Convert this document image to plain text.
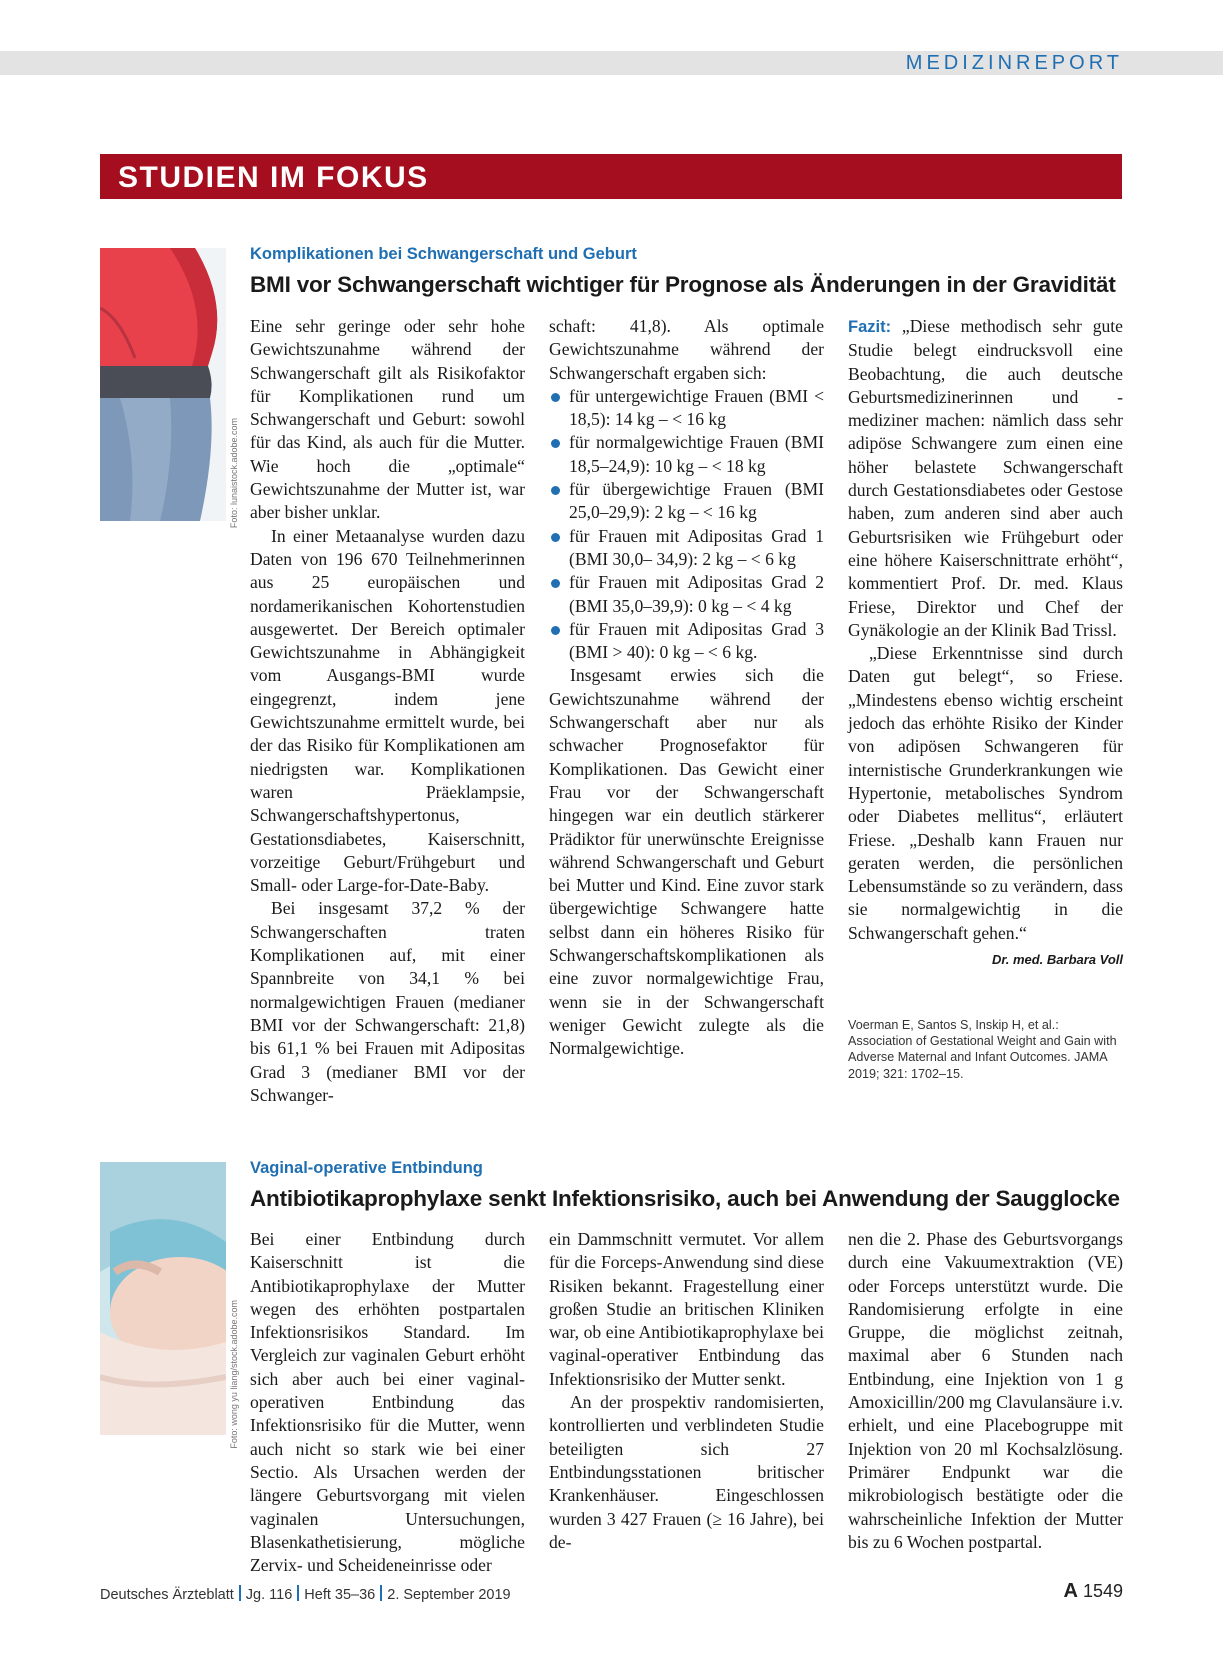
MEDIZINREPORT
STUDIEN IM FOKUS
Foto: lunaistock.adobe.com
Komplikationen bei Schwangerschaft und Geburt
BMI vor Schwangerschaft wichtiger für Prognose als Änderungen in der Gravidität

Eine sehr geringe oder sehr hohe Gewichtszunahme während der Schwangerschaft gilt als Risikofaktor für Komplikationen rund um Schwangerschaft und Geburt: sowohl für das Kind, als auch für die Mutter. Wie hoch die „optimale“ Gewichtszunahme der Mutter ist, war aber bisher unklar.

In einer Metaanalyse wurden dazu Daten von 196 670 Teilnehmerinnen aus 25 europäischen und nordamerikanischen Kohortenstudien ausgewertet. Der Bereich optimaler Gewichtszunahme in Abhängigkeit vom Ausgangs-BMI wurde eingegrenzt, indem jene Gewichtszunahme ermittelt wurde, bei der das Risiko für Komplikationen am niedrigsten war. Komplikationen waren Präeklampsie, Schwangerschaftshypertonus, Gestationsdiabetes, Kaiserschnitt, vorzeitige Geburt/Frühgeburt und Small- oder Large-for-Date-Baby.

Bei insgesamt 37,2 % der Schwangerschaften traten Komplikationen auf, mit einer Spannbreite von 34,1 % bei normalgewichtigen Frauen (medianer BMI vor der Schwangerschaft: 21,8) bis 61,1 % bei Frauen mit Adipositas Grad 3 (medianer BMI vor der Schwanger-

schaft: 41,8). Als optimale Gewichtszunahme während der Schwangerschaft ergaben sich:

für untergewichtige Frauen (BMI < 18,5): 14 kg – < 16 kg
für normalgewichtige Frauen (BMI 18,5–24,9): 10 kg – < 18 kg
für übergewichtige Frauen (BMI 25,0–29,9): 2 kg – < 16 kg
für Frauen mit Adipositas Grad 1 (BMI 30,0– 34,9): 2 kg – < 6 kg
für Frauen mit Adipositas Grad 2 (BMI 35,0–39,9): 0 kg – < 4 kg
für Frauen mit Adipositas Grad 3 (BMI > 40): 0 kg – < 6 kg.

Insgesamt erwies sich die Gewichtszunahme während der Schwangerschaft aber nur als schwacher Prognosefaktor für Komplikationen. Das Gewicht einer Frau vor der Schwangerschaft hingegen war ein deutlich stärkerer Prädiktor für unerwünschte Ereignisse während Schwangerschaft und Geburt bei Mutter und Kind. Eine zuvor stark übergewichtige Schwangere hatte selbst dann ein höheres Risiko für Schwangerschaftskomplikationen als eine zuvor normalgewichtige Frau, wenn sie in der Schwangerschaft weniger Gewicht zulegte als die Normalgewichtige.

Fazit: „Diese methodisch sehr gute Studie belegt eindrucksvoll eine Beobachtung, die auch deutsche Geburtsmedizinerinnen und -mediziner machen: nämlich dass sehr adipöse Schwangere zum einen eine höher belastete Schwangerschaft durch Gestationsdiabetes oder Gestose haben, zum anderen sind aber auch Geburtsrisiken wie Frühgeburt oder eine höhere Kaiserschnittrate erhöht“, kommentiert Prof. Dr. med. Klaus Friese, Direktor und Chef der Gynäkologie an der Klinik Bad Trissl.

„Diese Erkenntnisse sind durch Daten gut belegt“, so Friese. „Mindestens ebenso wichtig erscheint jedoch das erhöhte Risiko der Kinder von adipösen Schwangeren für internistische Grunderkrankungen wie Hypertonie, metabolisches Syndrom oder Diabetes mellitus“, erläutert Friese. „Deshalb kann Frauen nur geraten werden, die persönlichen Lebensumstände so zu verändern, dass sie normalgewichtig in die Schwangerschaft gehen.“
Dr. med. Barbara Voll

Voerman E, Santos S, Inskip H, et al.: Association of Gestational Weight and Gain with Adverse Maternal and Infant Outcomes. JAMA 2019; 321: 1702–15.
Foto: wong yu liang/stock.adobe.com
Vaginal-operative Entbindung
Antibiotikaprophylaxe senkt Infektionsrisiko, auch bei Anwendung der Saugglocke

Bei einer Entbindung durch Kaiserschnitt ist die Antibiotikaprophylaxe der Mutter wegen des erhöhten postpartalen Infektionsrisikos Standard. Im Vergleich zur vaginalen Geburt erhöht sich aber auch bei einer vaginal-operativen Entbindung das Infektionsrisiko für die Mutter, wenn auch nicht so stark wie bei einer Sectio. Als Ursachen werden der längere Geburtsvorgang mit vielen vaginalen Untersuchungen, Blasenkathetisierung, mögliche Zervix- und Scheideneinrisse oder

ein Dammschnitt vermutet. Vor allem für die Forceps-Anwendung sind diese Risiken bekannt. Fragestellung einer großen Studie an britischen Kliniken war, ob eine Antibiotikaprophylaxe bei vaginal-operativer Entbindung das Infektionsrisiko der Mutter senkt.

An der prospektiv randomisierten, kontrollierten und verblindeten Studie beteiligten sich 27 Entbindungsstationen britischer Krankenhäuser. Eingeschlossen wurden 3 427 Frauen (≥ 16 Jahre), bei de-

nen die 2. Phase des Geburtsvorgangs durch eine Vakuumextraktion (VE) oder Forceps unterstützt wurde. Die Randomisierung erfolgte in eine Gruppe, die möglichst zeitnah, maximal aber 6 Stunden nach Entbindung, eine Injektion von 1 g Amoxicillin/200 mg Clavulansäure i.v. erhielt, und eine Placebogruppe mit Injektion von 20 ml Kochsalzlösung. Primärer Endpunkt war die mikrobiologisch bestätigte oder die wahrscheinliche Infektion der Mutter bis zu 6 Wochen postpartal.

Deutsches Ärzteblatt Jg. 116 Heft 35–36 2. September 2019	A 1549
